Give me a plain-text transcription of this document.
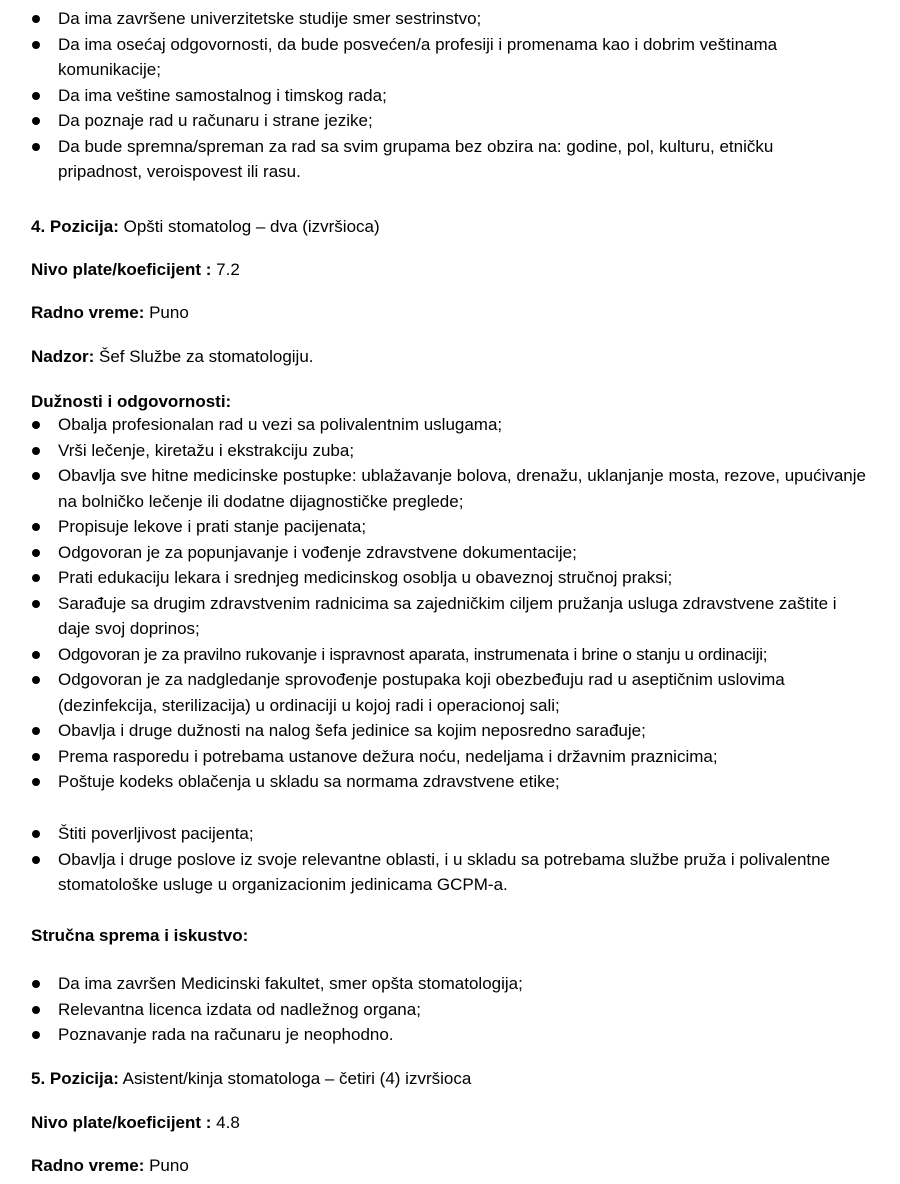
Da ima završene univerzitetske studije smer sestrinstvo;
Da ima osećaj odgovornosti, da bude posvećen/a profesiji i promenama kao i dobrim veštinama komunikacije;
Da ima veštine samostalnog i timskog rada;
Da poznaje rad u računaru i strane jezike;
Da bude spremna/spreman za rad sa svim grupama bez obzira na: godine, pol, kulturu, etničku pripadnost, veroispovest ili rasu.

4. Pozicija: Opšti stomatolog – dva (izvršioca)

Nivo plate/koeficijent : 7.2

Radno vreme: Puno

Nadzor: Šef Službe za stomatologiju.

Dužnosti i odgovornosti:

Obalja profesionalan rad u vezi sa polivalentnim uslugama;
Vrši lečenje, kiretažu i ekstrakciju zuba;
Obavlja sve hitne medicinske postupke: ublažavanje bolova, drenažu, uklanjanje mosta, rezove, upućivanje na bolničko lečenje ili dodatne dijagnostičke preglede;
Propisuje lekove i prati stanje pacijenata;
Odgovoran je za popunjavanje i vođenje zdravstvene dokumentacije;
Prati edukaciju lekara i srednjeg medicinskog osoblja u obaveznoj stručnoj praksi;
Sarađuje sa drugim zdravstvenim radnicima sa zajedničkim ciljem pružanja usluga zdravstvene zaštite i daje svoj doprinos;
Odgovoran je za pravilno rukovanje i ispravnost aparata, instrumenata i brine o stanju u ordinaciji;
Odgovoran je za nadgledanje sprovođenje postupaka koji obezbeđuju rad u aseptičnim uslovima (dezinfekcija, sterilizacija) u ordinaciji u kojoj radi i operacionoj sali;
Obavlja i druge dužnosti na nalog šefa jedinice sa kojim neposredno sarađuje;
Prema rasporedu i potrebama ustanove dežura noću, nedeljama i državnim praznicima;
Poštuje kodeks oblačenja u skladu sa normama zdravstvene etike;
Štiti poverljivost pacijenta;
Obavlja i druge poslove iz svoje relevantne oblasti, i u skladu sa potrebama službe pruža i polivalentne stomatološke usluge u organizacionim jedinicama GCPM-a.

Stručna sprema i iskustvo:

Da ima završen Medicinski fakultet, smer opšta stomatologija;
Relevantna licenca izdata od nadležnog organa;
Poznavanje rada na računaru je neophodno.

5. Pozicija: Asistent/kinja stomatologa – četiri (4) izvršioca

Nivo plate/koeficijent : 4.8

Radno vreme: Puno
